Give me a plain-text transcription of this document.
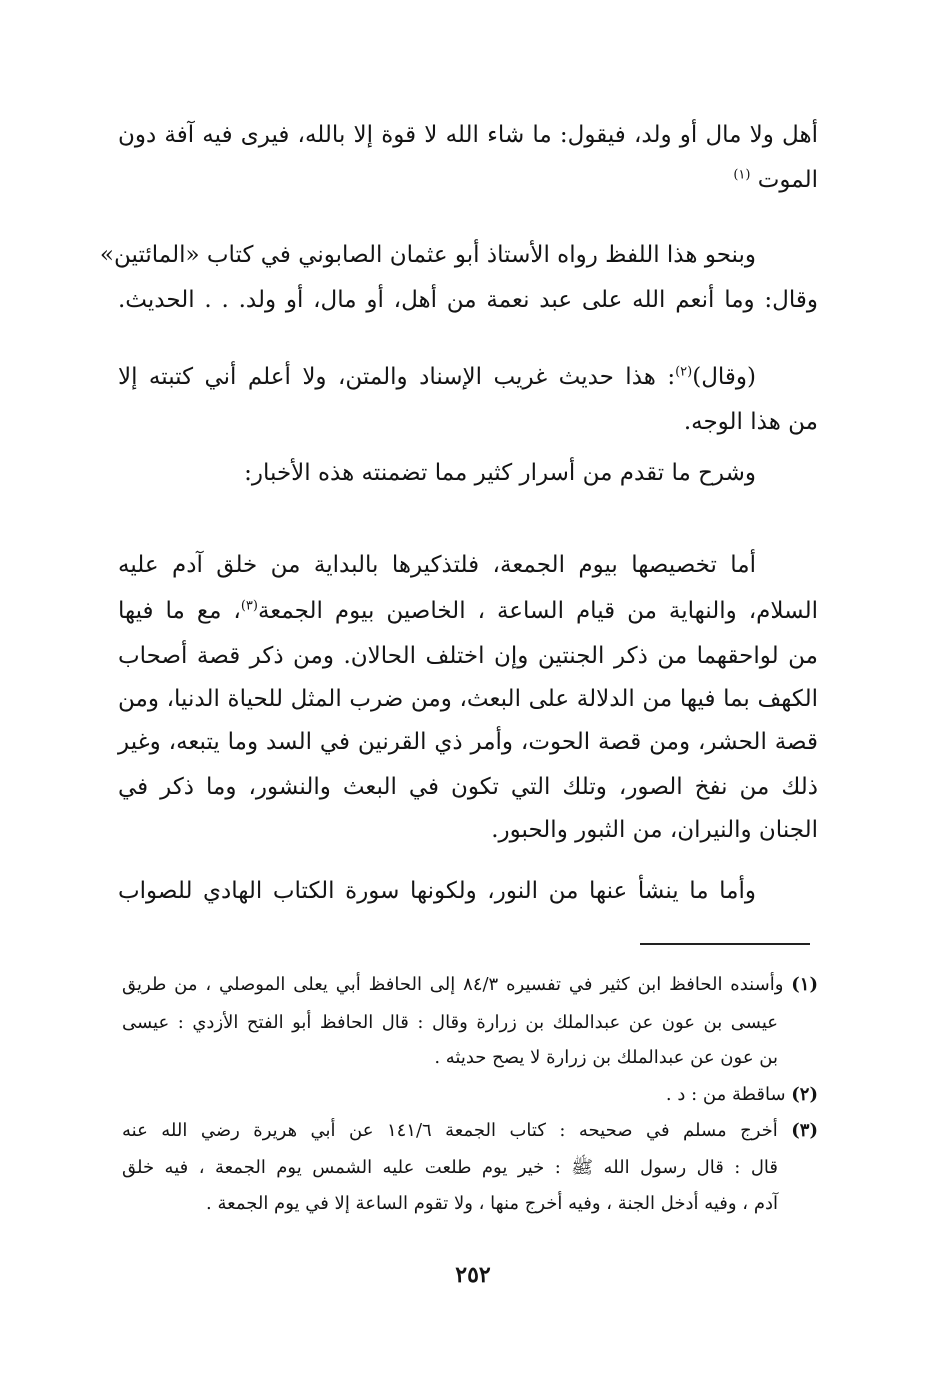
أهل ولا مال أو ولد، فيقول: ما شاء الله لا قوة إلا بالله، فيرى فيه آفة دون
الموت $^{(١)}$
وبنحو هذا اللفظ رواه الأستاذ أبو عثمان الصابوني في كتاب «المائتين»
وقال: وما أنعم الله على عبد نعمة من أهل، أو مال، أو ولد. . . الحديث.
(وقال)$^{(٢)}$: هذا حديث غريب الإسناد والمتن، ولا أعلم أني كتبته إلا
من هذا الوجه.
وشرح ما تقدم من أسرار كثير مما تضمنته هذه الأخبار:
أما تخصيصها بيوم الجمعة، فلتذكيرها بالبداية من خلق آدم عليه
السلام، والنهاية من قيام الساعة ، الخاصين بيوم الجمعة$^{(٣)}$، مع ما فيها
من لواحقهما من ذكر الجنتين وإن اختلف الحالان. ومن ذكر قصة أصحاب
الكهف بما فيها من الدلالة على البعث، ومن ضرب المثل للحياة الدنيا، ومن
قصة الحشر، ومن قصة الحوت، وأمر ذي القرنين في السد وما يتبعه، وغير
ذلك من نفخ الصور، وتلك التي تكون في البعث والنشور، وما ذكر في
الجنان والنيران، من الثبور والحبور.
وأما ما ينشأ عنها من النور، ولكونها سورة الكتاب الهادي للصواب
(١) وأسنده الحافظ ابن كثير في تفسيره ٨٤/٣ إلى الحافظ أبي يعلى الموصلي ، من طريق
عيسى بن عون عن عبدالملك بن زرارة وقال : قال الحافظ أبو الفتح الأزدي : عيسى
بن عون عن عبدالملك بن زرارة لا يصح حديثه .
(٢) ساقطة من : د .
(٣) أخرج مسلم في صحيحه : كتاب الجمعة ١٤١/٦ عن أبي هريرة رضي الله عنه
قال : قال رسول الله ﷺ : خير يوم طلعت عليه الشمس يوم الجمعة ، فيه خلق
آدم ، وفيه أدخل الجنة ، وفيه أخرج منها ، ولا تقوم الساعة إلا في يوم الجمعة .
٢٥٢
